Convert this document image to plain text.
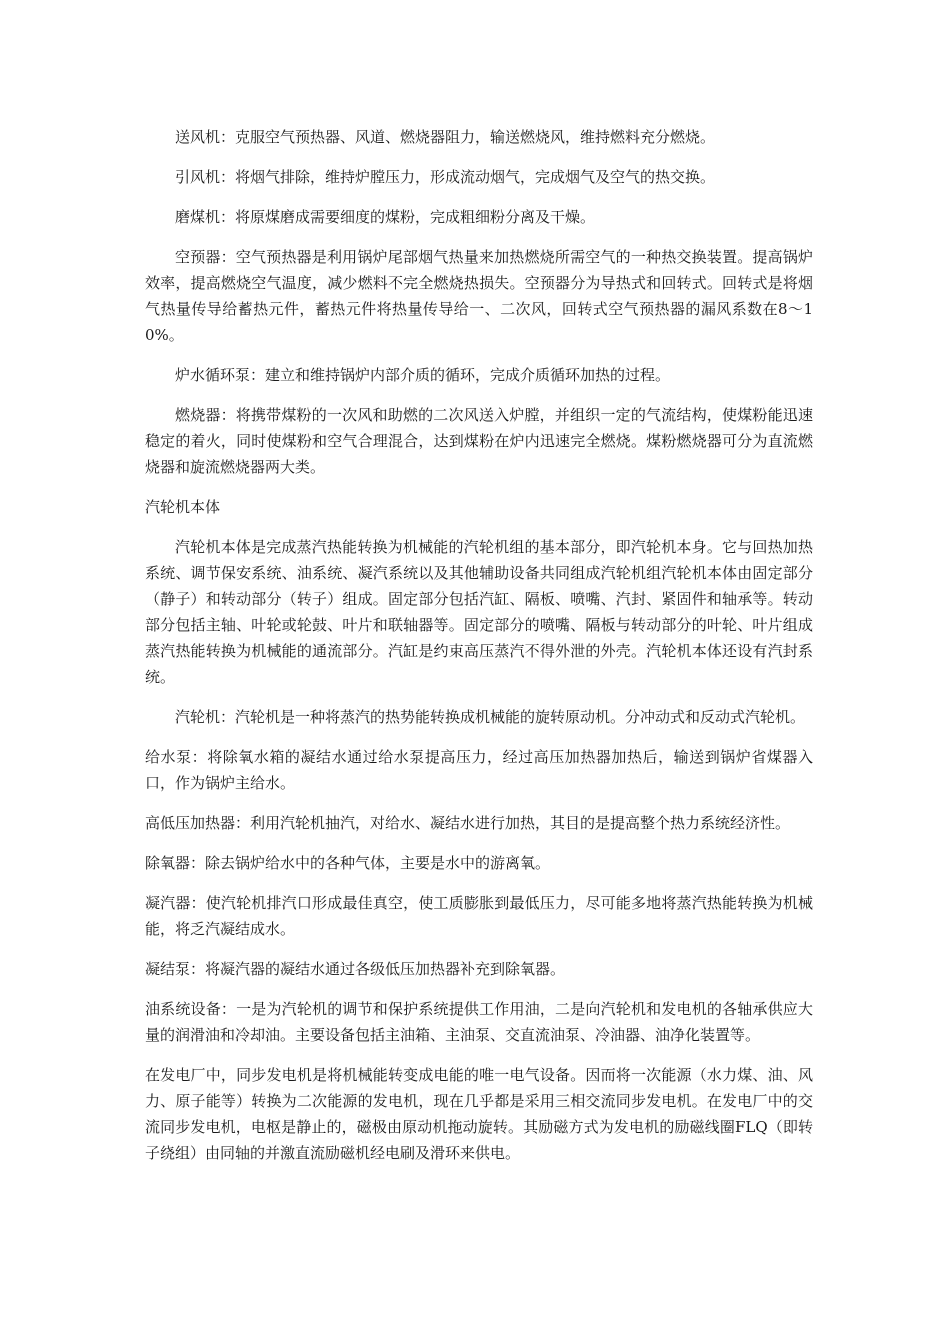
送风机：克服空气预热器、风道、燃烧器阻力，输送燃烧风，维持燃料充分燃烧。

引风机：将烟气排除，维持炉膛压力，形成流动烟气，完成烟气及空气的热交换。

磨煤机：将原煤磨成需要细度的煤粉，完成粗细粉分离及干燥。

空预器：空气预热器是利用锅炉尾部烟气热量来加热燃烧所需空气的一种热交换装置。提高锅炉效率，提高燃烧空气温度，减少燃料不完全燃烧热损失。空预器分为导热式和回转式。回转式是将烟气热量传导给蓄热元件，蓄热元件将热量传导给一、二次风，回转式空气预热器的漏风系数在8～10%。

炉水循环泵：建立和维持锅炉内部介质的循环，完成介质循环加热的过程。

燃烧器：将携带煤粉的一次风和助燃的二次风送入炉膛，并组织一定的气流结构，使煤粉能迅速稳定的着火，同时使煤粉和空气合理混合，达到煤粉在炉内迅速完全燃烧。煤粉燃烧器可分为直流燃烧器和旋流燃烧器两大类。

汽轮机本体

汽轮机本体是完成蒸汽热能转换为机械能的汽轮机组的基本部分，即汽轮机本身。它与回热加热系统、调节保安系统、油系统、凝汽系统以及其他辅助设备共同组成汽轮机组汽轮机本体由固定部分（静子）和转动部分（转子）组成。固定部分包括汽缸、隔板、喷嘴、汽封、紧固件和轴承等。转动部分包括主轴、叶轮或轮鼓、叶片和联轴器等。固定部分的喷嘴、隔板与转动部分的叶轮、叶片组成蒸汽热能转换为机械能的通流部分。汽缸是约束高压蒸汽不得外泄的外壳。汽轮机本体还设有汽封系统。

汽轮机：汽轮机是一种将蒸汽的热势能转换成机械能的旋转原动机。分冲动式和反动式汽轮机。

给水泵：将除氧水箱的凝结水通过给水泵提高压力，经过高压加热器加热后，输送到锅炉省煤器入口，作为锅炉主给水。

高低压加热器：利用汽轮机抽汽，对给水、凝结水进行加热，其目的是提高整个热力系统经济性。

除氧器：除去锅炉给水中的各种气体，主要是水中的游离氧。

凝汽器：使汽轮机排汽口形成最佳真空，使工质膨胀到最低压力，尽可能多地将蒸汽热能转换为机械能，将乏汽凝结成水。

凝结泵：将凝汽器的凝结水通过各级低压加热器补充到除氧器。

油系统设备：一是为汽轮机的调节和保护系统提供工作用油，二是向汽轮机和发电机的各轴承供应大量的润滑油和冷却油。主要设备包括主油箱、主油泵、交直流油泵、冷油器、油净化装置等。

在发电厂中，同步发电机是将机械能转变成电能的唯一电气设备。因而将一次能源（水力煤、油、风力、原子能等）转换为二次能源的发电机，现在几乎都是采用三相交流同步发电机。在发电厂中的交流同步发电机，电枢是静止的，磁极由原动机拖动旋转。其励磁方式为发电机的励磁线圈FLQ（即转子绕组）由同轴的并激直流励磁机经电刷及滑环来供电。
